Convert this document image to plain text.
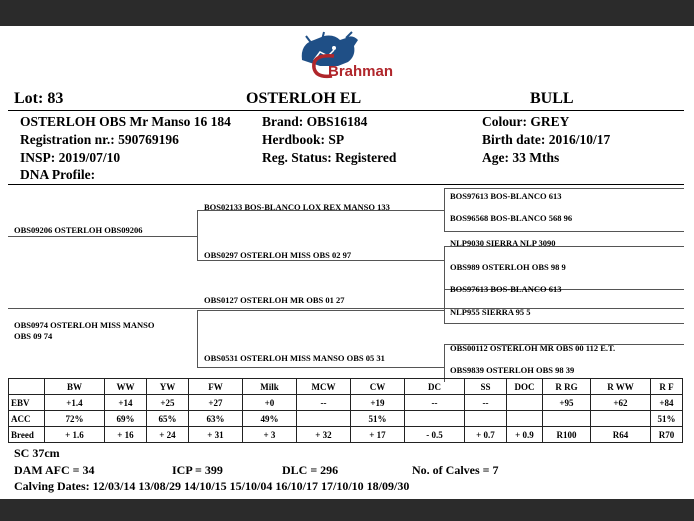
Brahman
Lot: 83	OSTERLOH EL	BULL
OSTERLOH OBS Mr Manso 16 184 Brand: OBS16184	Colour: GREY
Registration nr.: 590769196	Herdbook: SP	Birth date: 2016/10/17
INSP: 2019/07/10	Reg. Status: Registered	Age: 33 Mths
DNA Profile:
OBS09206 OSTERLOH OBS09206
BOS02133 BOS-BLANCO LOX REX MANSO 133
OBS0297 OSTERLOH MISS OBS 02 97
BOS97613 BOS-BLANCO 613
BOS96568 BOS-BLANCO 568 96
NLP9030 SIERRA NLP 3090
OBS989 OSTERLOH OBS 98 9
OBS0974 OSTERLOH MISS MANSO
OBS 09 74
OBS0127 OSTERLOH MR OBS 01 27
OBS0531 OSTERLOH MISS MANSO OBS 05 31
BOS97613 BOS-BLANCO 613
NLP955 SIERRA 95 5
OBS00112 OSTERLOH MR OBS 00 112 E.T.
OBS9839 OSTERLOH OBS 98 39
	BW	WW	YW	FW	Milk	MCW	CW	DC	SS	DOC	R RG	R WW	R F
EBV	+1.4	+14	+25	+27	+0	--	+19	--	--		+95	+62	+84
ACC	72%	69%	65%	63%	49%		51%						51%
Breed	+ 1.6	+ 16	+ 24	+ 31	+ 3	+ 32	+ 17	- 0.5	+ 0.7	+ 0.9	R100	R64	R70
SC 37cm
DAM AFC = 34	ICP = 399	DLC = 296	No. of Calves = 7
Calving Dates: 12/03/14 13/08/29 14/10/15 15/10/04 16/10/17 17/10/10 18/09/30
